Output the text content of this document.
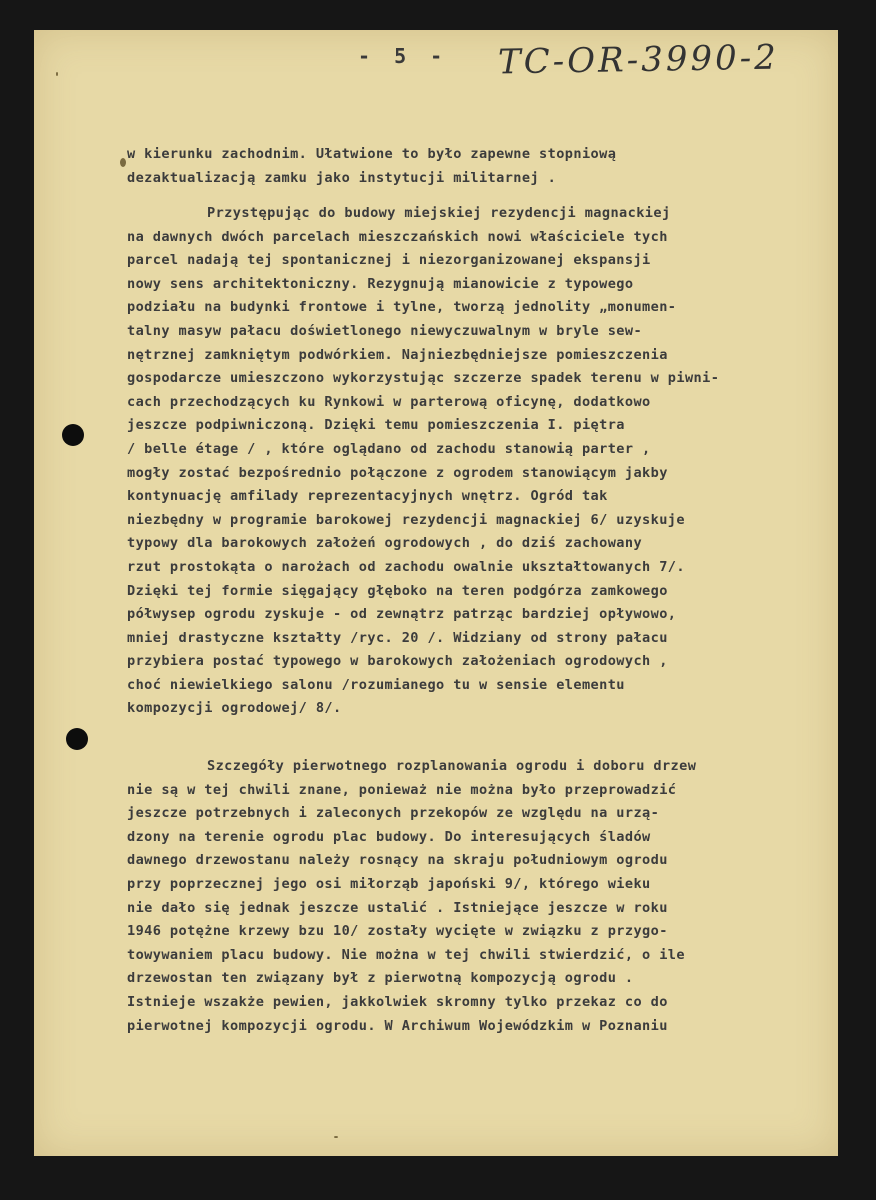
- 5 - TC-OR-3990-2
w kierunku zachodnim. Ułatwione to było zapewne stopniową
dezaktualizacją zamku jako instytucji militarnej .
Przystępując do budowy miejskiej rezydencji magnackiej
na dawnych dwóch parcelach mieszczańskich nowi właściciele tych
parcel nadają tej spontanicznej i niezorganizowanej ekspansji
nowy sens architektoniczny. Rezygnują mianowicie z typowego
podziału na budynki frontowe i tylne, tworzą jednolity „monumen-
talny masyw pałacu doświetlonego niewyczuwalnym w bryle sew-
nętrznej zamkniętym podwórkiem. Najniezbędniejsze pomieszczenia
gospodarcze umieszczono wykorzystując szczerze spadek terenu w piwni-
cach przechodzących ku Rynkowi w parterową oficynę, dodatkowo
jeszcze podpiwniczoną. Dzięki temu pomieszczenia I. piętra
/ belle étage / , które oglądano od zachodu stanowią parter ,
mogły zostać bezpośrednio połączone z ogrodem stanowiącym jakby
kontynuację amfilady reprezentacyjnych wnętrz. Ogród tak
niezbędny w programie barokowej rezydencji magnackiej 6/ uzyskuje
typowy dla barokowych założeń ogrodowych , do dziś zachowany
rzut prostokąta o narożach od zachodu owalnie ukształtowanych 7/.
Dzięki tej formie sięgający głęboko na teren podgórza zamkowego
półwysep ogrodu zyskuje - od zewnątrz patrząc bardziej opływowo,
mniej drastyczne kształty /ryc. 20 /. Widziany od strony pałacu
przybiera postać typowego w barokowych założeniach ogrodowych ,
choć niewielkiego salonu /rozumianego tu w sensie elementu
kompozycji ogrodowej/ 8/.
Szczegóły pierwotnego rozplanowania ogrodu i doboru drzew
nie są w tej chwili znane, ponieważ nie można było przeprowadzić
jeszcze potrzebnych i zaleconych przekopów ze względu na urzą-
dzony na terenie ogrodu plac budowy. Do interesujących śladów
dawnego drzewostanu należy rosnący na skraju południowym ogrodu
przy poprzecznej jego osi miłorząb japoński 9/, którego wieku
nie dało się jednak jeszcze ustalić . Istniejące jeszcze w roku
1946 potężne krzewy bzu 10/ zostały wycięte w związku z przygo-
towywaniem placu budowy. Nie można w tej chwili stwierdzić, o ile
drzewostan ten związany był z pierwotną kompozycją ogrodu .
Istnieje wszakże pewien, jakkolwiek skromny tylko przekaz co do
pierwotnej kompozycji ogrodu. W Archiwum Wojewódzkim w Poznaniu
